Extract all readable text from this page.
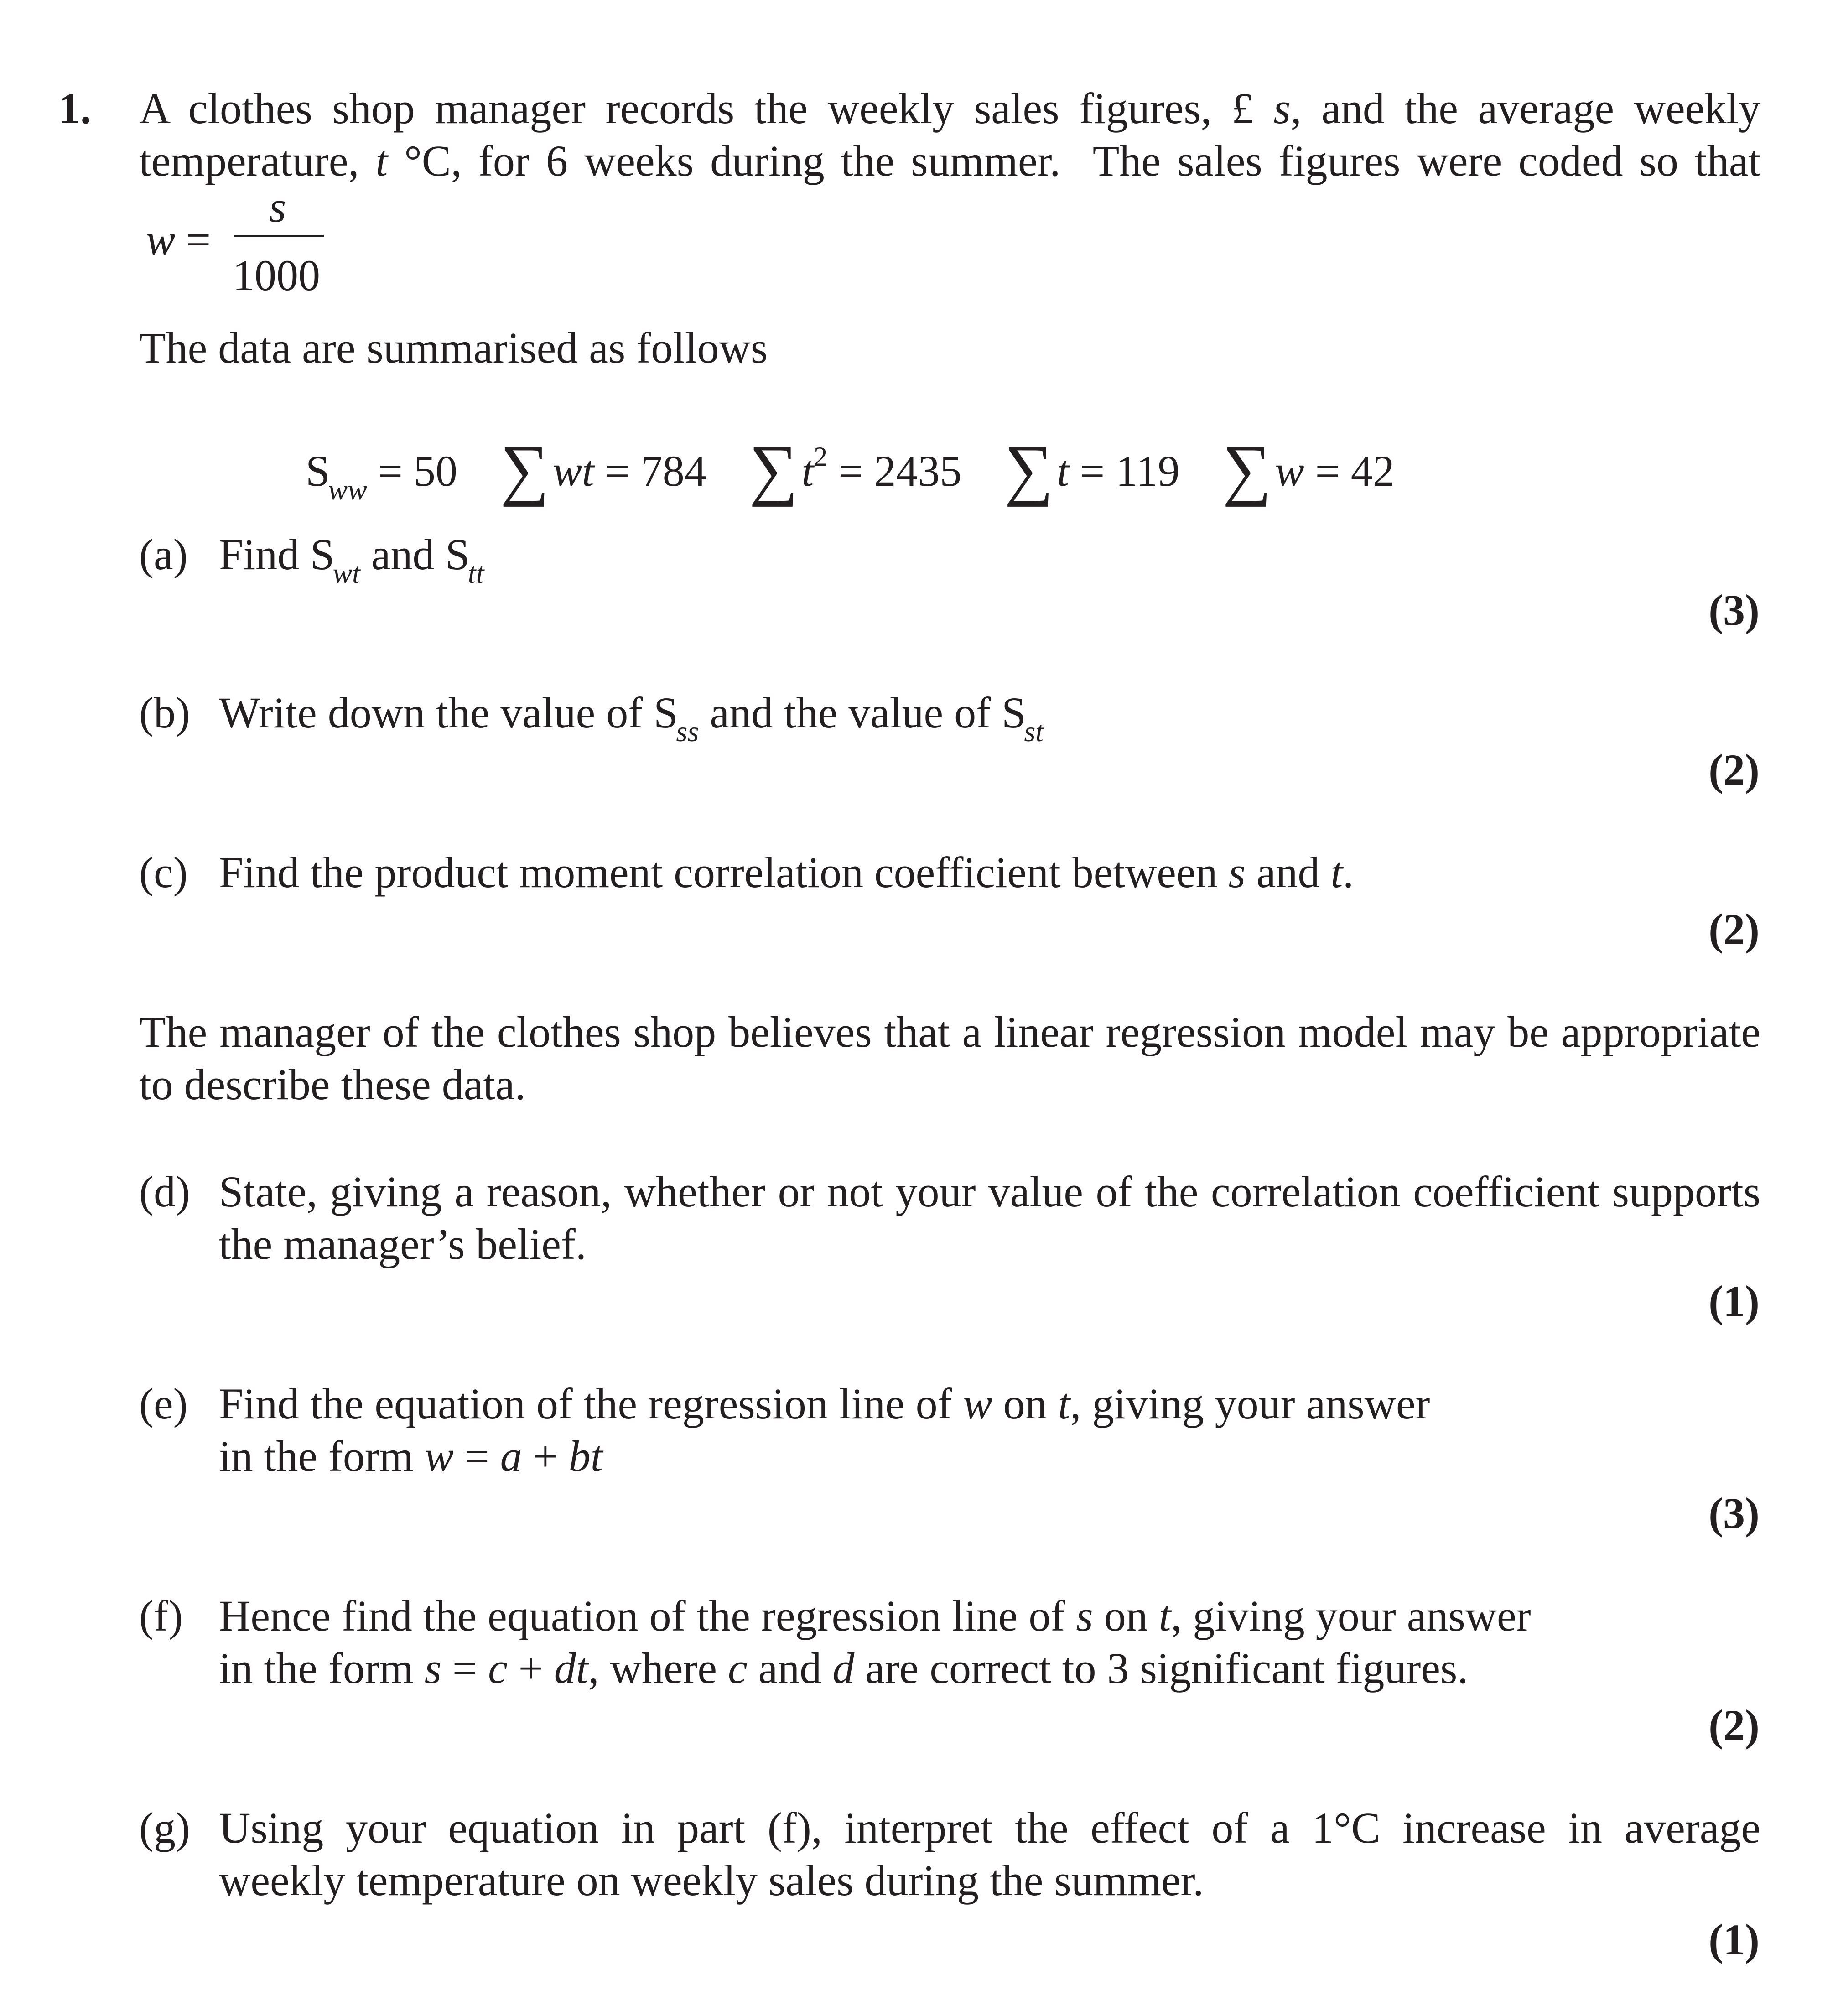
1. A clothes shop manager records the weekly sales figures, £ s, and the average weekly
temperature, t °C, for 6 weeks during the summer.  The sales figures were coded so that
w =
s
1000
The data are summarised as follows
$S_{ww} = 50$ ∑wt = 784 $\sum t^2 = 2435$ ∑t = 119 ∑w = 42
(a) Find $S_{wt}$ and $S_{tt}$
(3)
(b) Write down the value of $S_{ss}$ and the value of $S_{st}$
(2)
(c) Find the product moment correlation coefficient between s and t.
(2)
The manager of the clothes shop believes that a linear regression model may be appropriate
to describe these data.
(d) State, giving a reason, whether or not your value of the correlation coefficient supports
the manager’s belief.
(1)
(e) Find the equation of the regression line of w on t, giving your answer
in the form w = a + bt
(3)
(f) Hence find the equation of the regression line of s on t, giving your answer
in the form s = c + dt, where c and d are correct to 3 significant figures.
(2)
(g) Using your equation in part (f), interpret the effect of a 1°C increase in average
weekly temperature on weekly sales during the summer.
(1)
